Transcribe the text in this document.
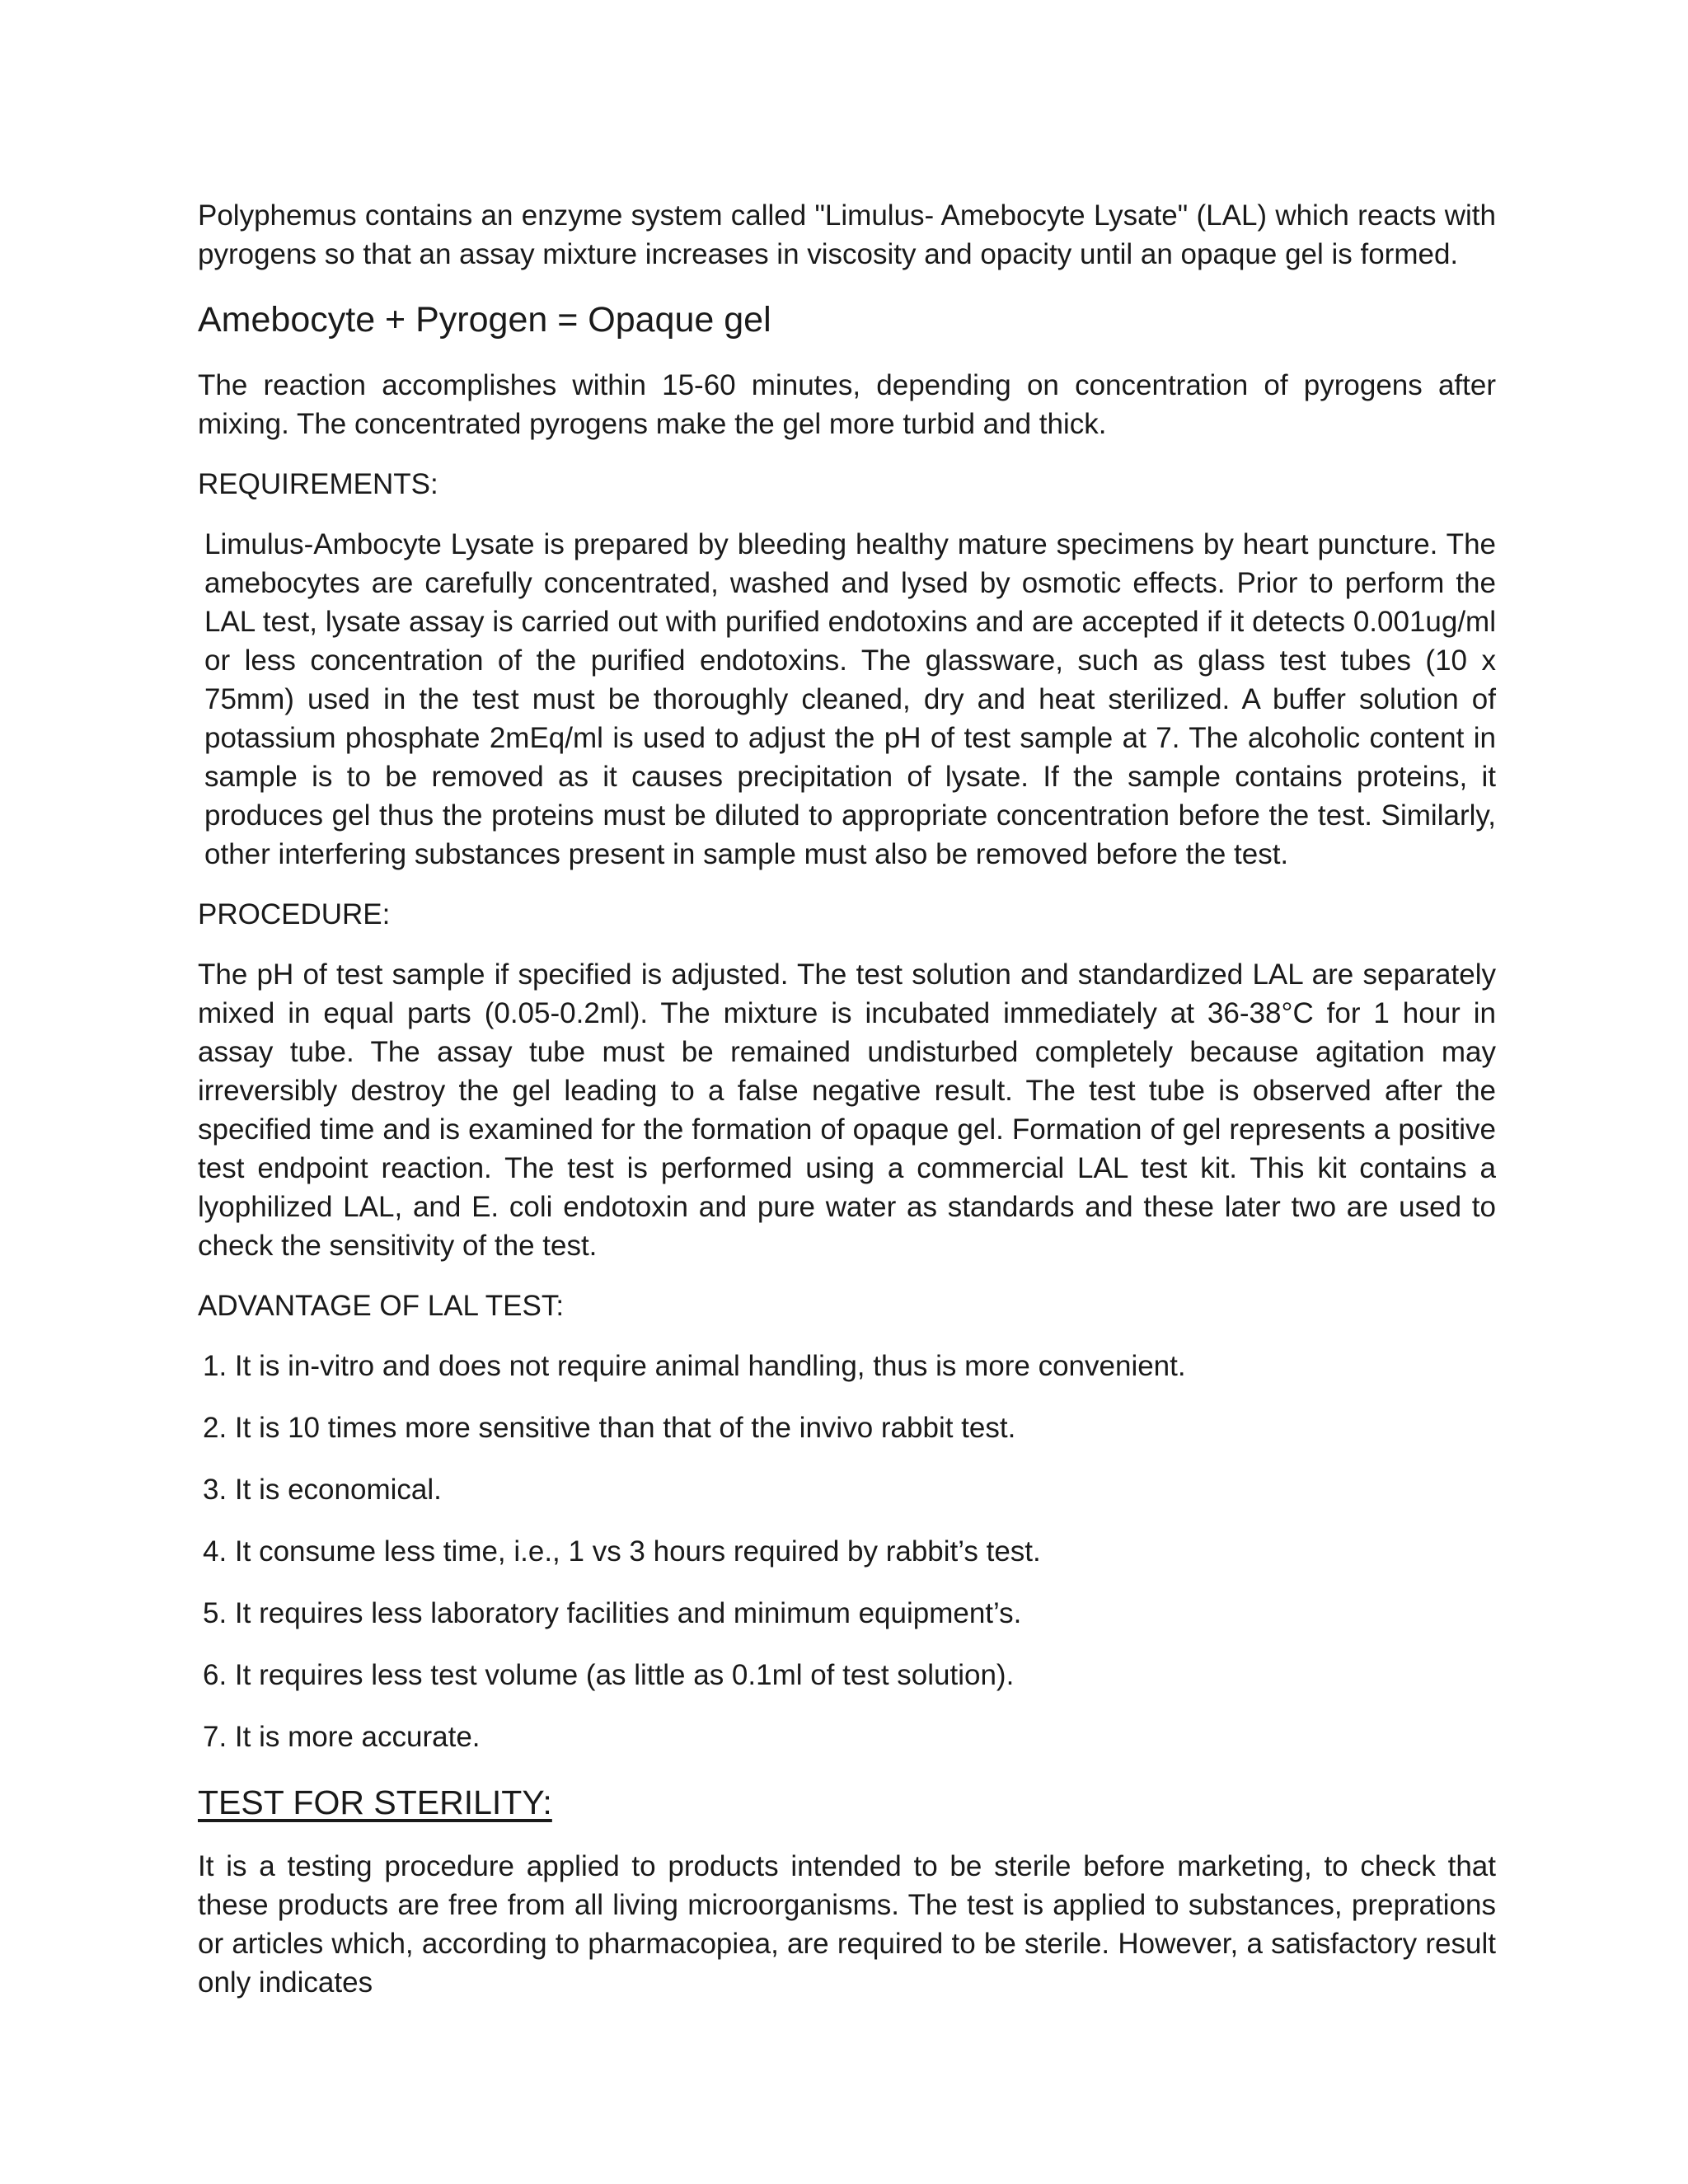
Polyphemus contains an enzyme system called "Limulus- Amebocyte Lysate" (LAL) which reacts with pyrogens so that an assay mixture increases in viscosity and opacity until an opaque gel is formed.

Amebocyte + Pyrogen = Opaque gel

The reaction accomplishes within 15-60 minutes, depending on concentration of pyrogens after mixing. The concentrated pyrogens make the gel more turbid and thick.

REQUIREMENTS:

Limulus-Ambocyte Lysate is prepared by bleeding healthy mature specimens by heart puncture. The amebocytes are carefully concentrated, washed and lysed by osmotic effects. Prior to perform the LAL test, lysate assay is carried out with purified endotoxins and are accepted if it detects 0.001ug/ml or less concentration of the purified endotoxins. The glassware, such as glass test tubes (10 x 75mm) used in the test must be thoroughly cleaned, dry and heat sterilized. A buffer solution of potassium phosphate 2mEq/ml is used to adjust the pH of test sample at 7. The alcoholic content in sample is to be removed as it causes precipitation of lysate. If the sample contains proteins, it produces gel thus the proteins must be diluted to appropriate concentration before the test. Similarly, other interfering substances present in sample must also be removed before the test.

PROCEDURE:

The pH of test sample if specified is adjusted. The test solution and standardized LAL are separately mixed in equal parts (0.05-0.2ml). The mixture is incubated immediately at 36-38°C for 1 hour in assay tube. The assay tube must be remained undisturbed completely because agitation may irreversibly destroy the gel leading to a false negative result. The test tube is observed after the specified time and is examined for the formation of opaque gel. Formation of gel represents a positive test endpoint reaction. The test is performed using a commercial LAL test kit. This kit contains a lyophilized LAL, and E. coli endotoxin and pure water as standards and these later two are used to check the sensitivity of the test.

ADVANTAGE OF LAL TEST:
1. It is in-vitro and does not require animal handling, thus is more convenient.
2. It is 10 times more sensitive than that of the invivo rabbit test.
3. It is economical.
4. It consume less time, i.e., 1 vs 3 hours required by rabbit’s test.
5. It requires less laboratory facilities and minimum equipment’s.
6. It requires less test volume (as little as 0.1ml of test solution).
7. It is more accurate.
TEST FOR STERILITY:

It is a testing procedure applied to products intended to be sterile before marketing, to check that these products are free from all living microorganisms. The test is applied to substances, preprations or articles which, according to pharmacopiea, are required to be sterile. However, a satisfactory result only indicates
